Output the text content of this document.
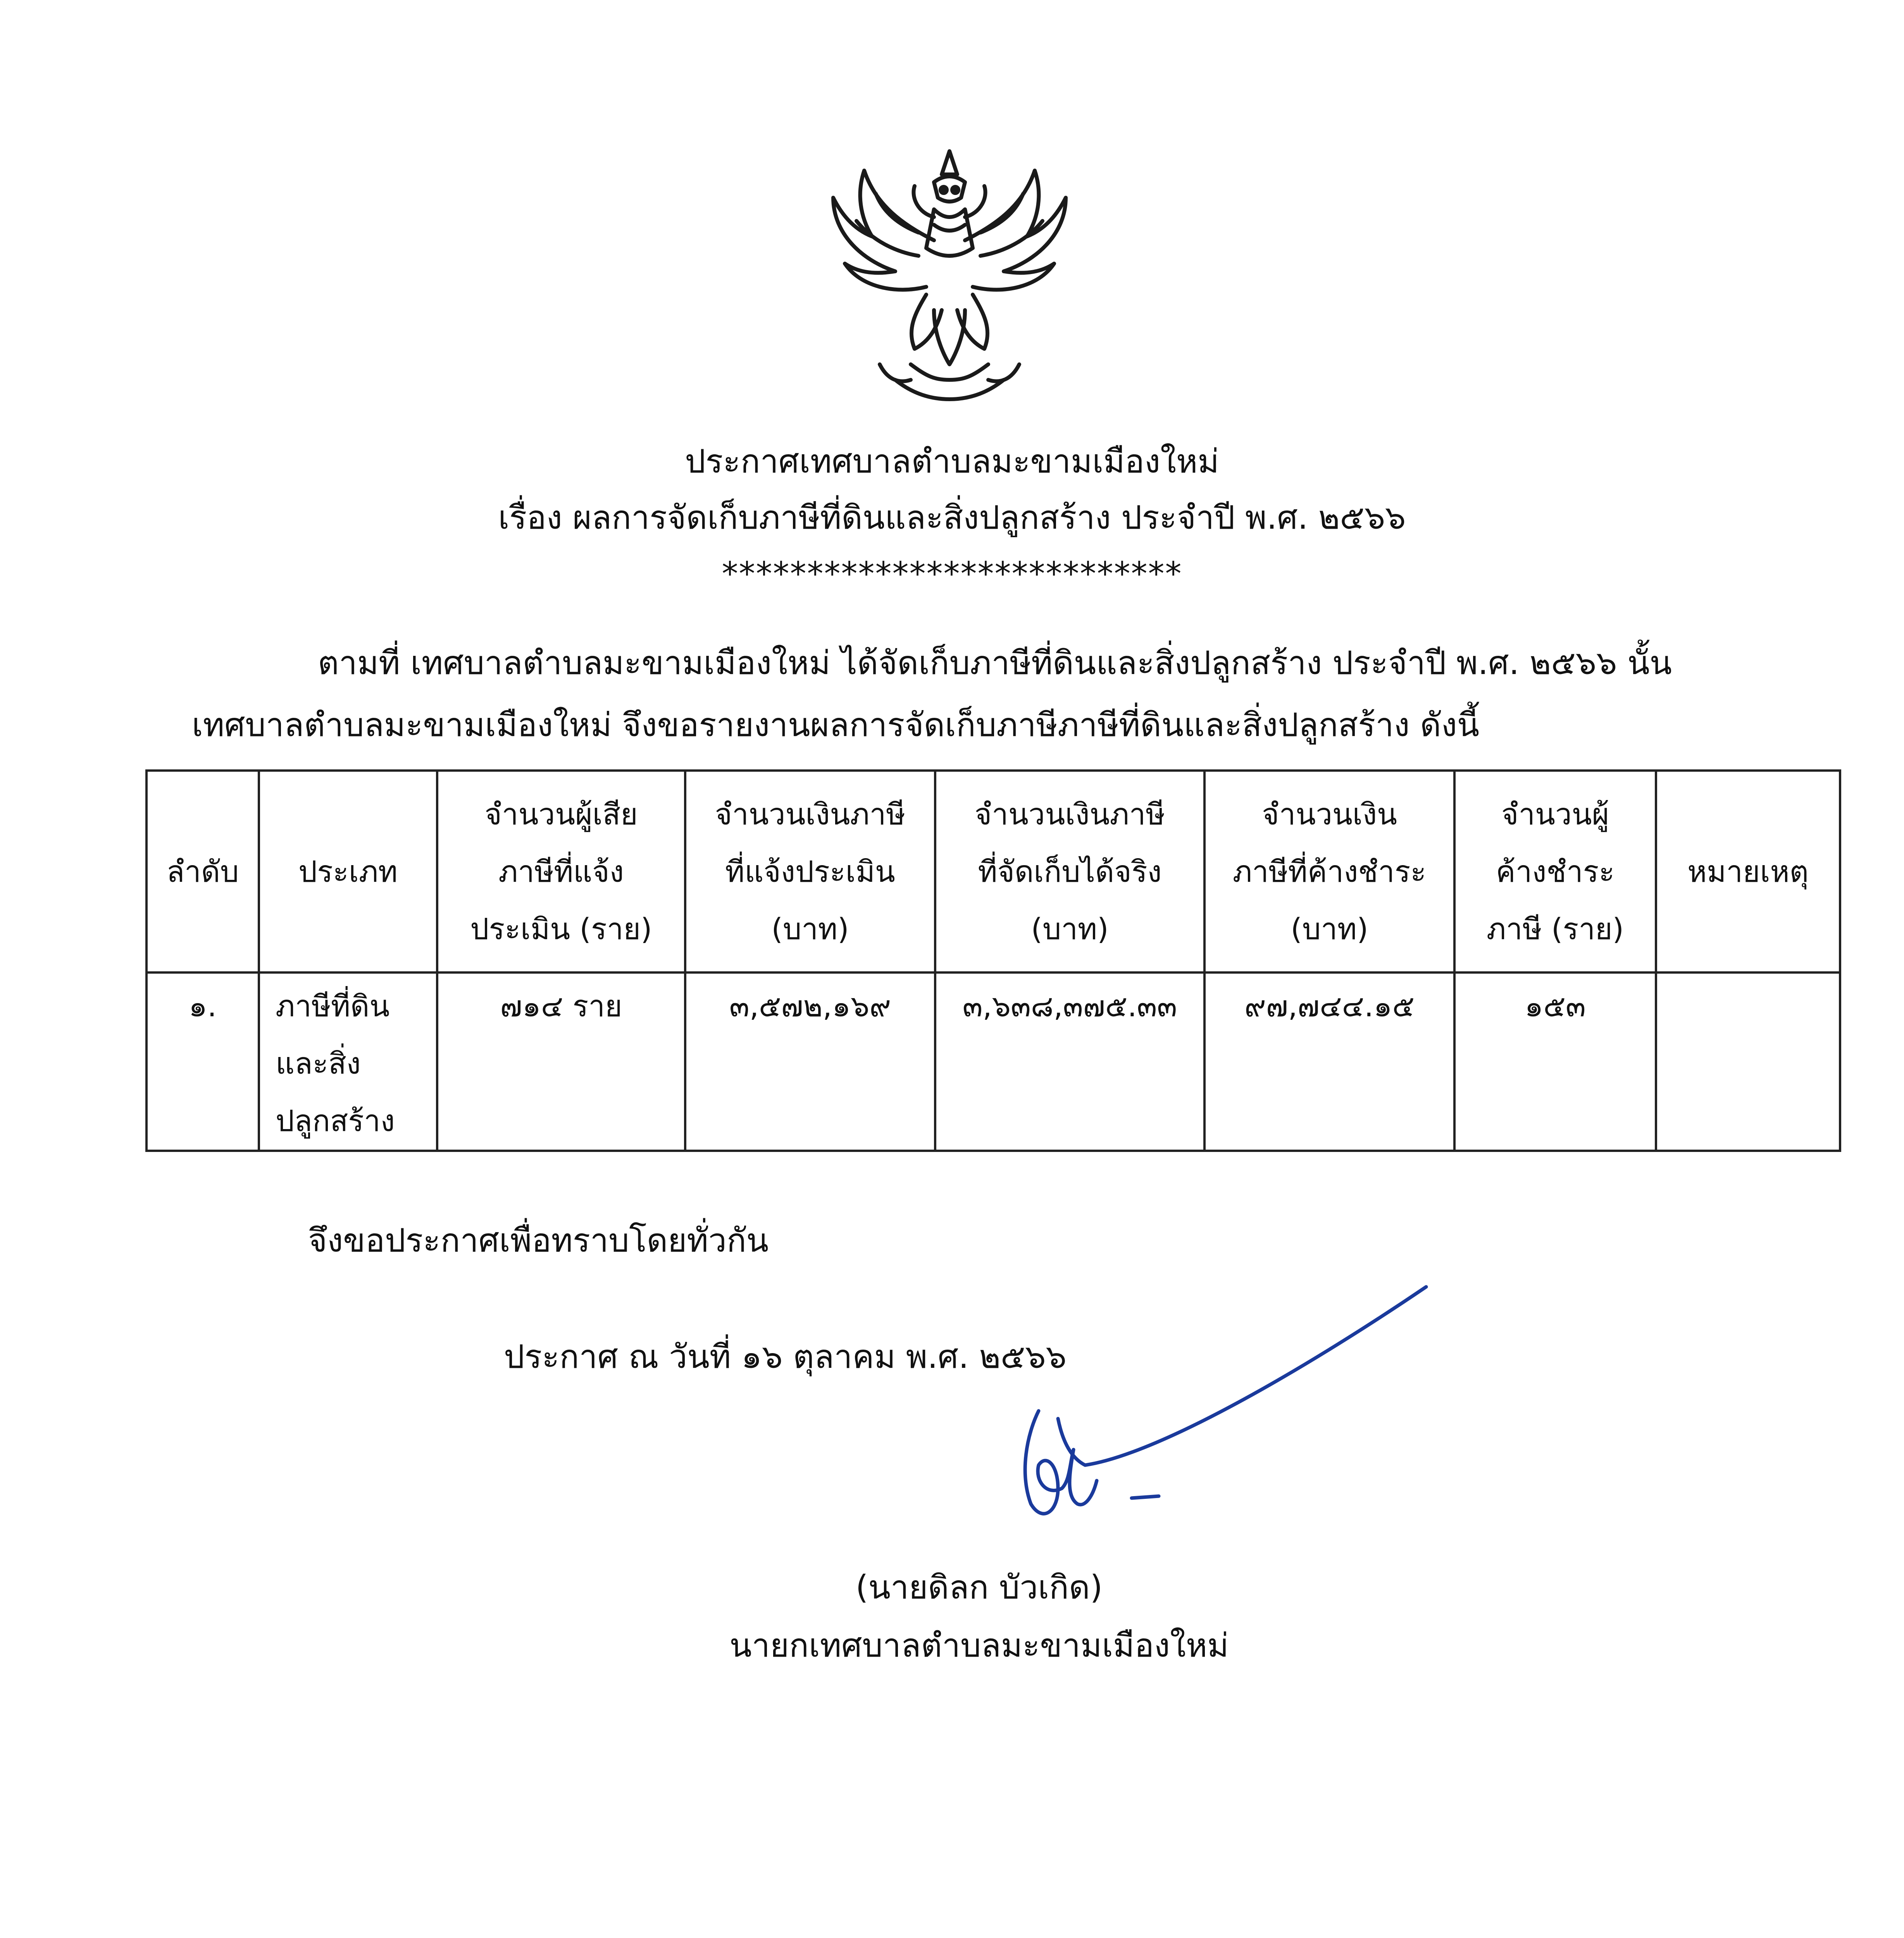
ประกาศเทศบาลตำบลมะขามเมืองใหม่
เรื่อง ผลการจัดเก็บภาษีที่ดินและสิ่งปลูกสร้าง ประจำปี พ.ศ. ๒๕๖๖
***************************
ตามที่ เทศบาลตำบลมะขามเมืองใหม่ ได้จัดเก็บภาษีที่ดินและสิ่งปลูกสร้าง ประจำปี พ.ศ. ๒๕๖๖ นั้น
เทศบาลตำบลมะขามเมืองใหม่ จึงขอรายงานผลการจัดเก็บภาษีภาษีที่ดินและสิ่งปลูกสร้าง ดังนี้
ลำดับ	ประเภท	จำนวนผู้เสีย
ภาษีที่แจ้ง
ประเมิน (ราย)	จำนวนเงินภาษี
ที่แจ้งประเมิน
(บาท)	จำนวนเงินภาษี
ที่จัดเก็บได้จริง
(บาท)	จำนวนเงิน
ภาษีที่ค้างชำระ
(บาท)	จำนวนผู้
ค้างชำระ
ภาษี (ราย)	หมายเหตุ

๑.	ภาษีที่ดิน
และสิ่ง
ปลูกสร้าง	๗๑๔ ราย	๓,๕๗๒,๑๖๙	๓,๖๓๘,๓๗๕.๓๓	๙๗,๗๔๔.๑๕	๑๕๓	
จึงขอประกาศเพื่อทราบโดยทั่วกัน
ประกาศ ณ วันที่ ๑๖ ตุลาคม พ.ศ. ๒๕๖๖
(นายดิลก บัวเกิด)
นายกเทศบาลตำบลมะขามเมืองใหม่
